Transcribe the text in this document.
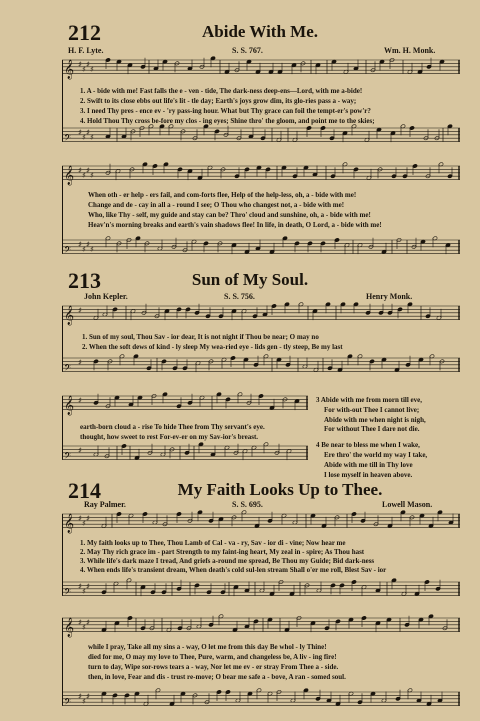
212	Abide With Me.
H. F. Lyte.	S. S. 767.	Wm. H. Monk.
𝄞 ♯
♯
♯
♯
𝄢 ♯
♯
♯
♯
1. A - bide with me! Fast falls the e - ven - tide, The dark-ness deep-ens—Lord, with me a-bide!
2. Swift to its close ebbs out life's lit - tle day; Earth's joys grow dim, its glo-ries pass a - way;
3. I need Thy pres - ence ev - 'ry pass-ing hour. What but Thy grace can foil the tempt-er's pow'r?
4. Hold Thou Thy cross be-fore my clos - ing eyes; Shine thro' the gloom, and point me to the skies;
𝄞 ♯
♯
♯
♯
𝄢 ♯
♯
♯
♯
When oth - er help - ers fail, and com-forts flee, Help of the help-less, oh, a - bide with me!
Change and de - cay in all a - round I see; O Thou who changest not, a - bide with me!
Who, like Thy - self, my guide and stay can be? Thro' cloud and sunshine, oh, a - bide with me!
Heav'n's morning breaks and earth's vain shadows flee! In life, in death, O Lord, a - bide with me!
213	Sun of My Soul.
John Kepler.	S. S. 756.	Henry Monk.
𝄞 ♯
𝄢 ♯
1. Sun of my soul, Thou Sav - ior dear, It is not night if Thou be near; O may no
2. When the soft dews of kind - ly sleep My wea-ried eye - lids gen - tly steep, Be my last
𝄞 ♯
𝄢 ♯
earth-born cloud a - rise To hide Thee from Thy servant's eye.
thought, how sweet to rest For-ev-er on my Sav-ior's breast.
3 Abide with me from morn till eve,
For with-out Thee I cannot live;
Abide with me when night is nigh,
For without Thee I dare not die.
4 Be near to bless me when I wake,
Ere thro' the world my way I take,
Abide with me till in Thy love
I lose myself in heaven above.
214	My Faith Looks Up to Thee.
Ray Palmer.	S. S. 695.	Lowell Mason.
𝄞 ♯
♯
♯
𝄢 ♯
♯
♯
1. My faith looks up to Thee, Thou Lamb of Cal - va - ry, Sav - ior di - vine; Now hear me
2. May Thy rich grace im - part Strength to my faint-ing heart, My zeal in - spire; As Thou hast
3. While life's dark maze I tread, And griefs a-round me spread, Be Thou my Guide; Bid dark-ness
4. When ends life's transient dream, When death's cold sul-len stream Shall o'er me roll, Blest Sav - ior
𝄞 ♯
♯
♯
𝄢 ♯
♯
♯
while I pray, Take all my sins a - way, O let me from this day Be whol - ly Thine!
died for me, O may my love to Thee, Pure, warm, and changeless be, A liv - ing fire!
turn to day, Wipe sor-rows tears a - way, Nor let me ev - er stray From Thee a - side.
then, in love, Fear and dis - trust re-move; O bear me safe a - bove, A ran - somed soul.
